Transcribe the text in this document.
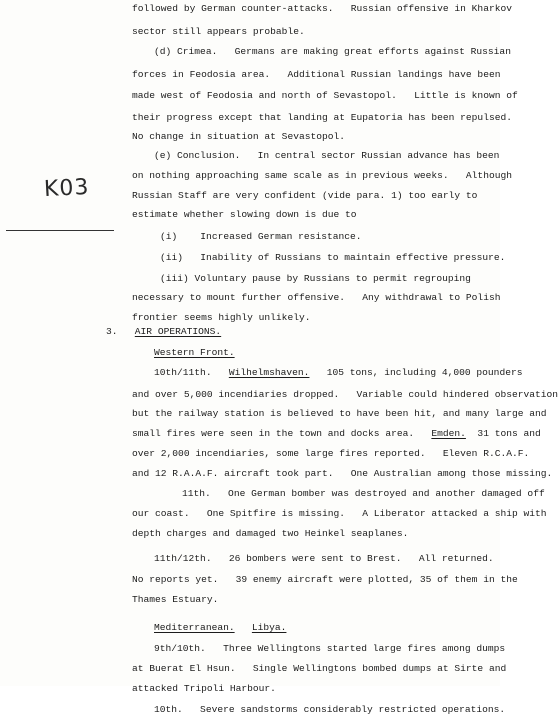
K03
followed by German counter-attacks.   Russian offensive in Kharkov
sector still appears probable.
(d) Crimea.   Germans are making great efforts against Russian
forces in Feodosia area.   Additional Russian landings have been
made west of Feodosia and north of Sevastopol.   Little is known of
their progress except that landing at Eupatoria has been repulsed.
No change in situation at Sevastopol.
(e) Conclusion.   In central sector Russian advance has been
on nothing approaching same scale as in previous weeks.   Although
Russian Staff are very confident (vide para. 1) too early to
estimate whether slowing down is due to
(i)    Increased German resistance.
(ii)   Inability of Russians to maintain effective pressure.
(iii) Voluntary pause by Russians to permit regrouping
necessary to mount further offensive.   Any withdrawal to Polish
frontier seems highly unlikely.
3.   AIR OPERATIONS.
Western Front.
10th/11th.   Wilhelmshaven.   105 tons, including 4,000 pounders
and over 5,000 incendiaries dropped.   Variable could hindered observation
but the railway station is believed to have been hit, and many large and
small fires were seen in the town and docks area.   Emden.  31 tons and
over 2,000 incendiaries, some large fires reported.   Eleven R.C.A.F.
and 12 R.A.A.F. aircraft took part.   One Australian among those missing.
11th.   One German bomber was destroyed and another damaged off
our coast.   One Spitfire is missing.   A Liberator attacked a ship with
depth charges and damaged two Heinkel seaplanes.
11th/12th.   26 bombers were sent to Brest.   All returned.
No reports yet.   39 enemy aircraft were plotted, 35 of them in the
Thames Estuary.
Mediterranean. Libya.
9th/10th.   Three Wellingtons started large fires among dumps
at Buerat El Hsun.   Single Wellingtons bombed dumps at Sirte and
attacked Tripoli Harbour.
10th.   Severe sandstorms considerably restricted operations.
